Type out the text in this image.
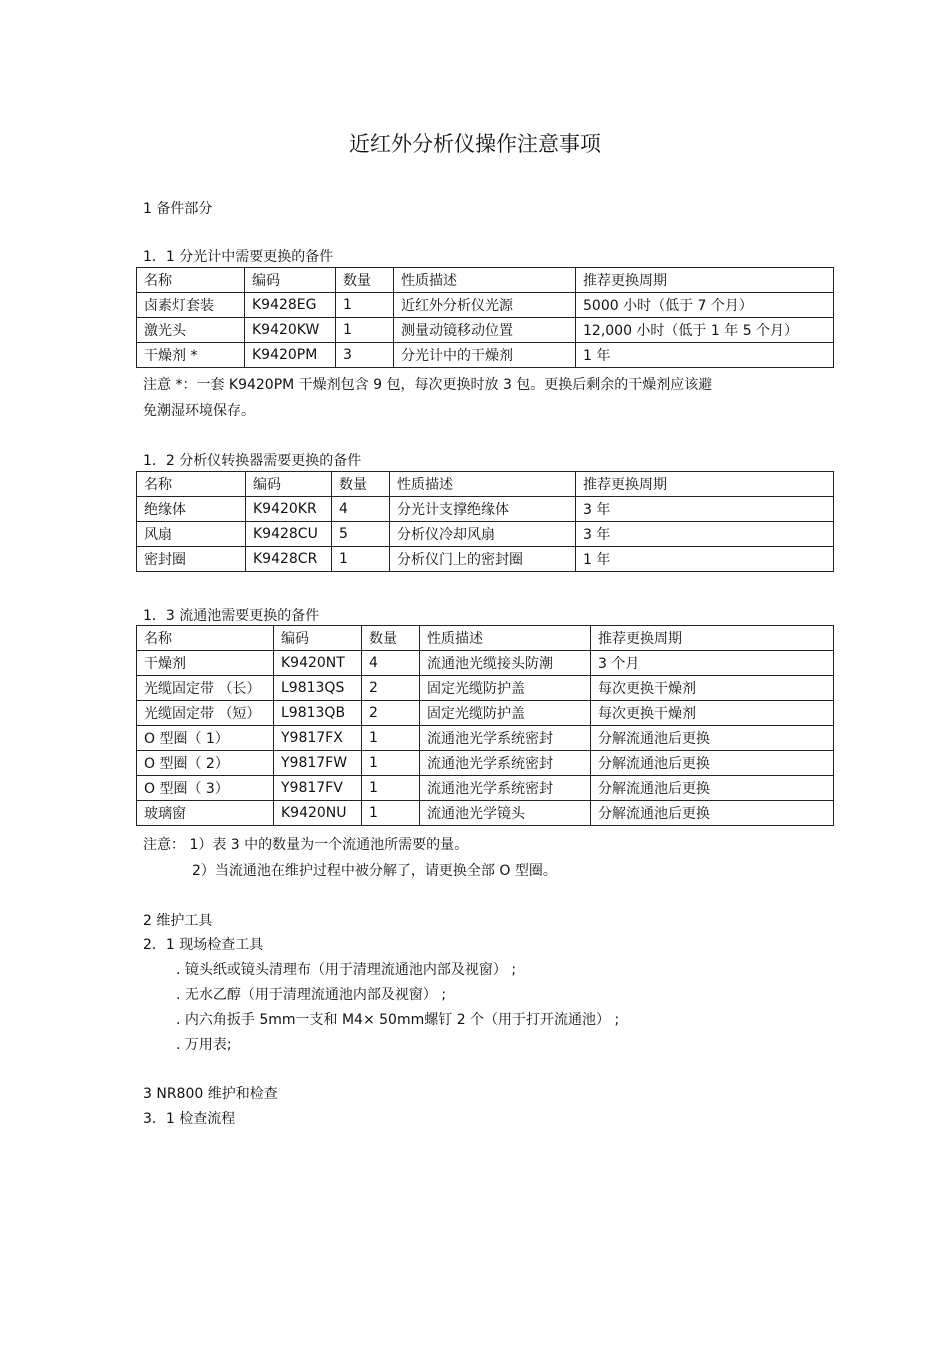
近红外分析仪操作注意事项
1 备件部分
1．1 分光计中需要更换的备件
名称	编码	数量	性质描述	推荐更换周期
卤素灯套装	K9428EG	1	近红外分析仪光源	5000 小时（低于 7 个月）
激光头	K9420KW	1	测量动镜移动位置	12,000 小时（低于 1 年 5 个月）
干燥剂 *	K9420PM	3	分光计中的干燥剂	1 年
注意 *：一套 K9420PM 干燥剂包含 9 包，每次更换时放 3 包。更换后剩余的干燥剂应该避
免潮湿环境保存。
1．2 分析仪转换器需要更换的备件
名称	编码	数量	性质描述	推荐更换周期
绝缘体	K9420KR	4	分光计支撑绝缘体	3 年
风扇	K9428CU	5	分析仪冷却风扇	3 年
密封圈	K9428CR	1	分析仪门上的密封圈	1 年
1．3 流通池需要更换的备件
名称	编码	数量	性质描述	推荐更换周期
干燥剂	K9420NT	4	流通池光缆接头防潮	3 个月
光缆固定带 （长）	L9813QS	2	固定光缆防护盖	每次更换干燥剂
光缆固定带 （短）	L9813QB	2	固定光缆防护盖	每次更换干燥剂
O 型圈（ 1）	Y9817FX	1	流通池光学系统密封	分解流通池后更换
O 型圈（ 2）	Y9817FW	1	流通池光学系统密封	分解流通池后更换
O 型圈（ 3）	Y9817FV	1	流通池光学系统密封	分解流通池后更换
玻璃窗	K9420NU	1	流通池光学镜头	分解流通池后更换
注意： 1）表 3 中的数量为一个流通池所需要的量。
2）当流通池在维护过程中被分解了，请更换全部 O 型圈。
2 维护工具
2．1 现场检查工具
. 镜头纸或镜头清理布（用于清理流通池内部及视窗） ;
. 无水乙醇（用于清理流通池内部及视窗） ;
. 内六角扳手 5mm一支和 M4× 50mm螺钉 2 个（用于打开流通池） ;
. 万用表;
3 NR800 维护和检查
3．1 检查流程
